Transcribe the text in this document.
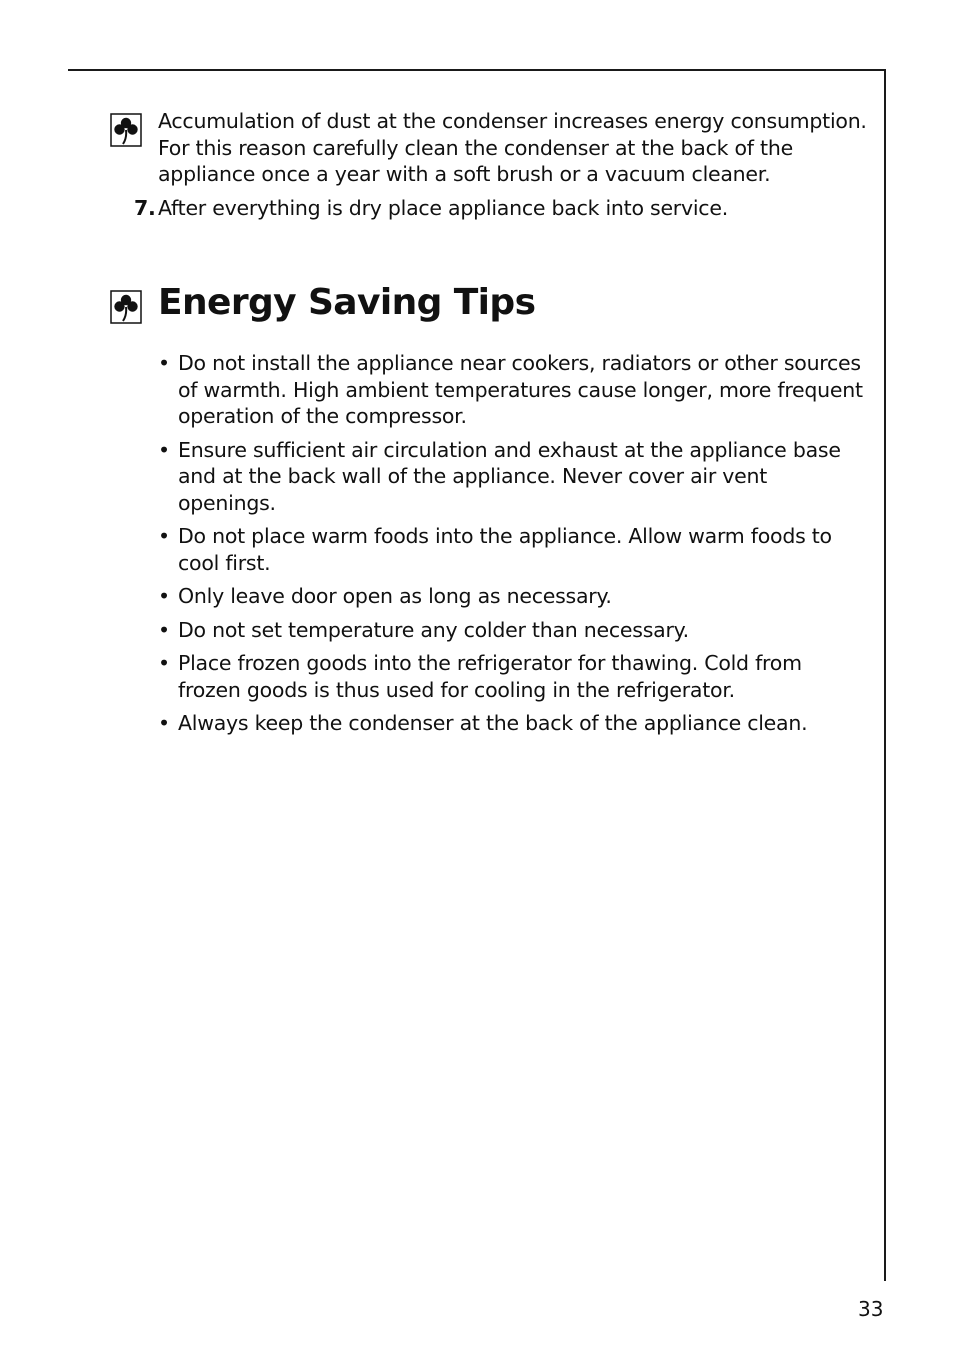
Accumulation of dust at the condenser increases energy consumption. For this reason carefully clean the condenser at the back of the appliance once a year with a soft brush or a vacuum cleaner.
7. After everything is dry place appliance back into service.
Energy Saving Tips
• Do not install the appliance near cookers, radiators or other sources of warmth. High ambient temperatures cause longer, more frequent operation of the compressor.
• Ensure sufficient air circulation and exhaust at the appliance base and at the back wall of the appliance. Never cover air vent openings.
• Do not place warm foods into the appliance. Allow warm foods to cool first.
• Only leave door open as long as necessary.
• Do not set temperature any colder than necessary.
• Place frozen goods into the refrigerator for thawing. Cold from frozen goods is thus used for cooling in the refrigerator.
• Always keep the condenser at the back of the appliance clean.
33
